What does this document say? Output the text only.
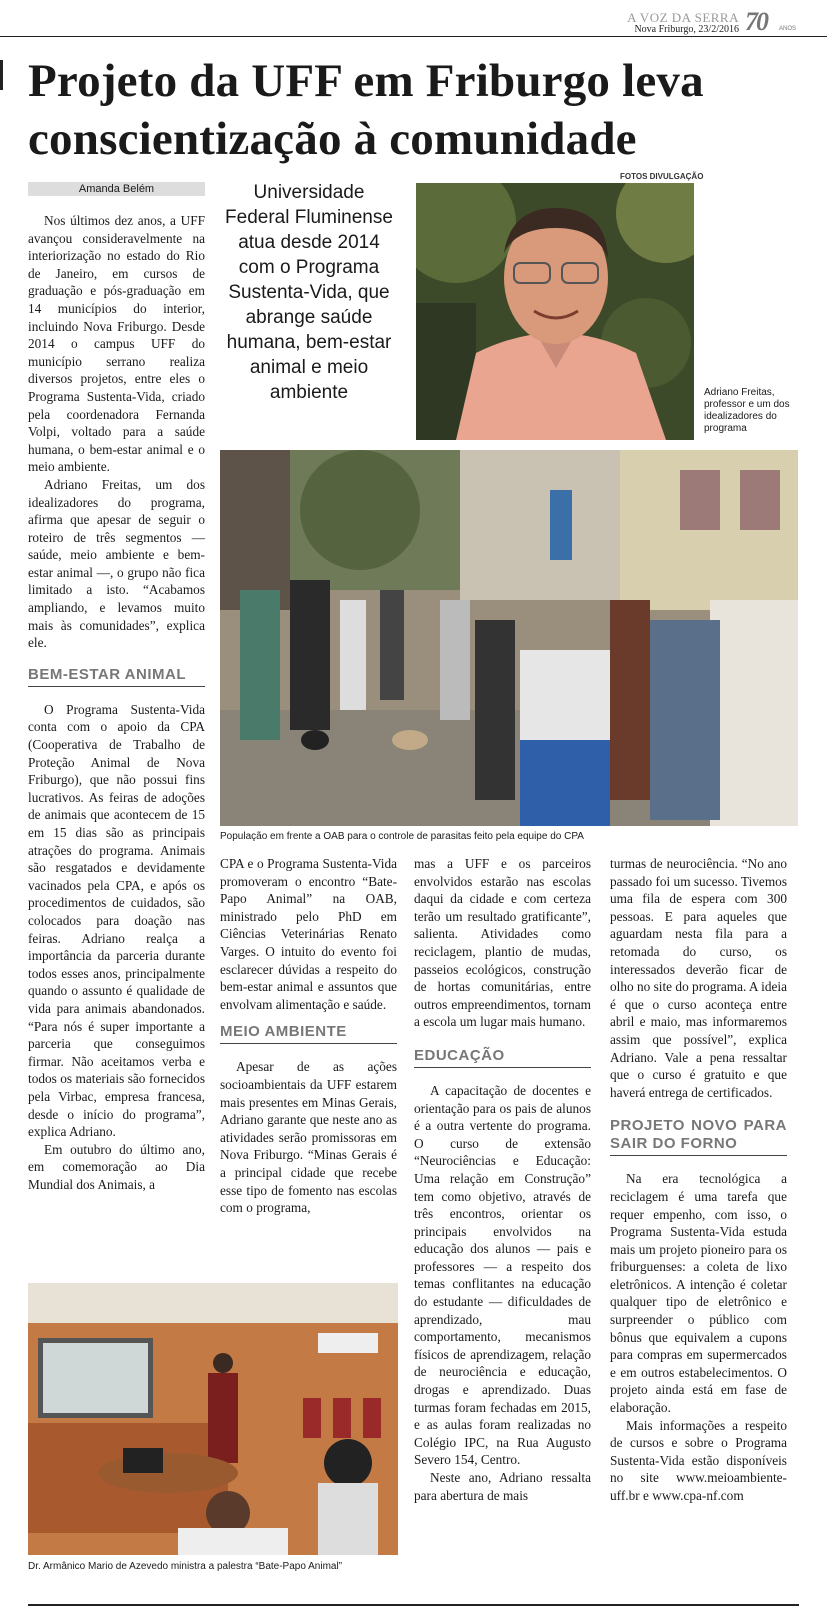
A VOZ DA SERRA
Nova Friburgo, 23/2/2016 70 ANOS
Projeto da UFF em Friburgo leva conscientização à comunidade
Amanda Belém

Nos últimos dez anos, a UFF avançou consideravelmente na interiorização no estado do Rio de Janeiro, em cursos de graduação e pós-graduação em 14 municípios do interior, incluindo Nova Friburgo. Desde 2014 o campus UFF do município serrano realiza diversos projetos, entre eles o Programa Sustenta-Vida, criado pela coordenadora Fernanda Volpi, voltado para a saúde humana, o bem-estar animal e o meio ambiente.

Adriano Freitas, um dos idealizadores do programa, afirma que apesar de seguir o roteiro de três segmentos — saúde, meio ambiente e bem-estar animal —, o grupo não fica limitado a isto. “Acabamos ampliando, e levamos muito mais às comunidades”, explica ele.

BEM-ESTAR ANIMAL

O Programa Sustenta-Vida conta com o apoio da CPA (Cooperativa de Trabalho de Proteção Animal de Nova Friburgo), que não possui fins lucrativos. As feiras de adoções de animais que acontecem de 15 em 15 dias são as principais atrações do programa. Animais são resgatados e devidamente vacinados pela CPA, e após os procedimentos de cuidados, são colocados para doação nas feiras. Adriano realça a importância da parceria durante todos esses anos, principalmente quando o assunto é qualidade de vida para animais abandonados. “Para nós é super importante a parceria que conseguimos firmar. Não aceitamos verba e todos os materiais são fornecidos pela Virbac, empresa francesa, desde o início do programa”, explica Adriano.

Em outubro do último ano, em comemoração ao Dia Mundial dos Animais, a

Universidade Federal Fluminense atua desde 2014 com o Programa Sustenta-Vida, que abrange saúde humana, bem-estar animal e meio ambiente
FOTOS DIVULGAÇÃO
Adriano Freitas, professor e um dos idealizadores do programa
População em frente a OAB para o controle de parasitas feito pela equipe do CPA

CPA e o Programa Sustenta-Vida promoveram o encontro “Bate-Papo Animal” na OAB, ministrado pelo PhD em Ciências Veterinárias Renato Varges. O intuito do evento foi esclarecer dúvidas a respeito do bem-estar animal e assuntos que envolvam alimentação e saúde.

MEIO AMBIENTE

Apesar de as ações socioambientais da UFF estarem mais presentes em Minas Gerais, Adriano garante que neste ano as atividades serão promissoras em Nova Friburgo. “Minas Gerais é a principal cidade que recebe esse tipo de fomento nas escolas com o programa,

mas a UFF e os parceiros envolvidos estarão nas escolas daqui da cidade e com certeza terão um resultado gratificante”, salienta. Atividades como reciclagem, plantio de mudas, passeios ecológicos, construção de hortas comunitárias, entre outros empreendimentos, tornam a escola um lugar mais humano.

EDUCAÇÃO

A capacitação de docentes e orientação para os pais de alunos é a outra vertente do programa. O curso de extensão “Neurociências e Educação: Uma relação em Construção” tem como objetivo, através de três encontros, orientar os principais envolvidos na educação dos alunos — pais e professores — a respeito dos temas conflitantes na educação do estudante — dificuldades de aprendizado, mau comportamento, mecanismos físicos de aprendizagem, relação de neurociência e educação, drogas e aprendizado. Duas turmas foram fechadas em 2015, e as aulas foram realizadas no Colégio IPC, na Rua Augusto Severo 154, Centro.

Neste ano, Adriano ressalta para abertura de mais

turmas de neurociência. “No ano passado foi um sucesso. Tivemos uma fila de espera com 300 pessoas. E para aqueles que aguardam nesta fila para a retomada do curso, os interessados deverão ficar de olho no site do programa. A ideia é que o curso aconteça entre abril e maio, mas informaremos assim que possível”, explica Adriano. Vale a pena ressaltar que o curso é gratuito e que haverá entrega de certificados.

PROJETO NOVO PARA SAIR DO FORNO

Na era tecnológica a reciclagem é uma tarefa que requer empenho, com isso, o Programa Sustenta-Vida estuda mais um projeto pioneiro para os friburguenses: a coleta de lixo eletrônicos. A intenção é coletar qualquer tipo de eletrônico e surpreender o público com bônus que equivalem a cupons para compras em supermercados e em outros estabelecimentos. O projeto ainda está em fase de elaboração.

Mais informações a respeito de cursos e sobre o Programa Sustenta-Vida estão disponíveis no site www.meioambiente-uff.br e www.cpa-nf.com

Dr. Armânico Mario de Azevedo ministra a palestra “Bate-Papo Animal”
